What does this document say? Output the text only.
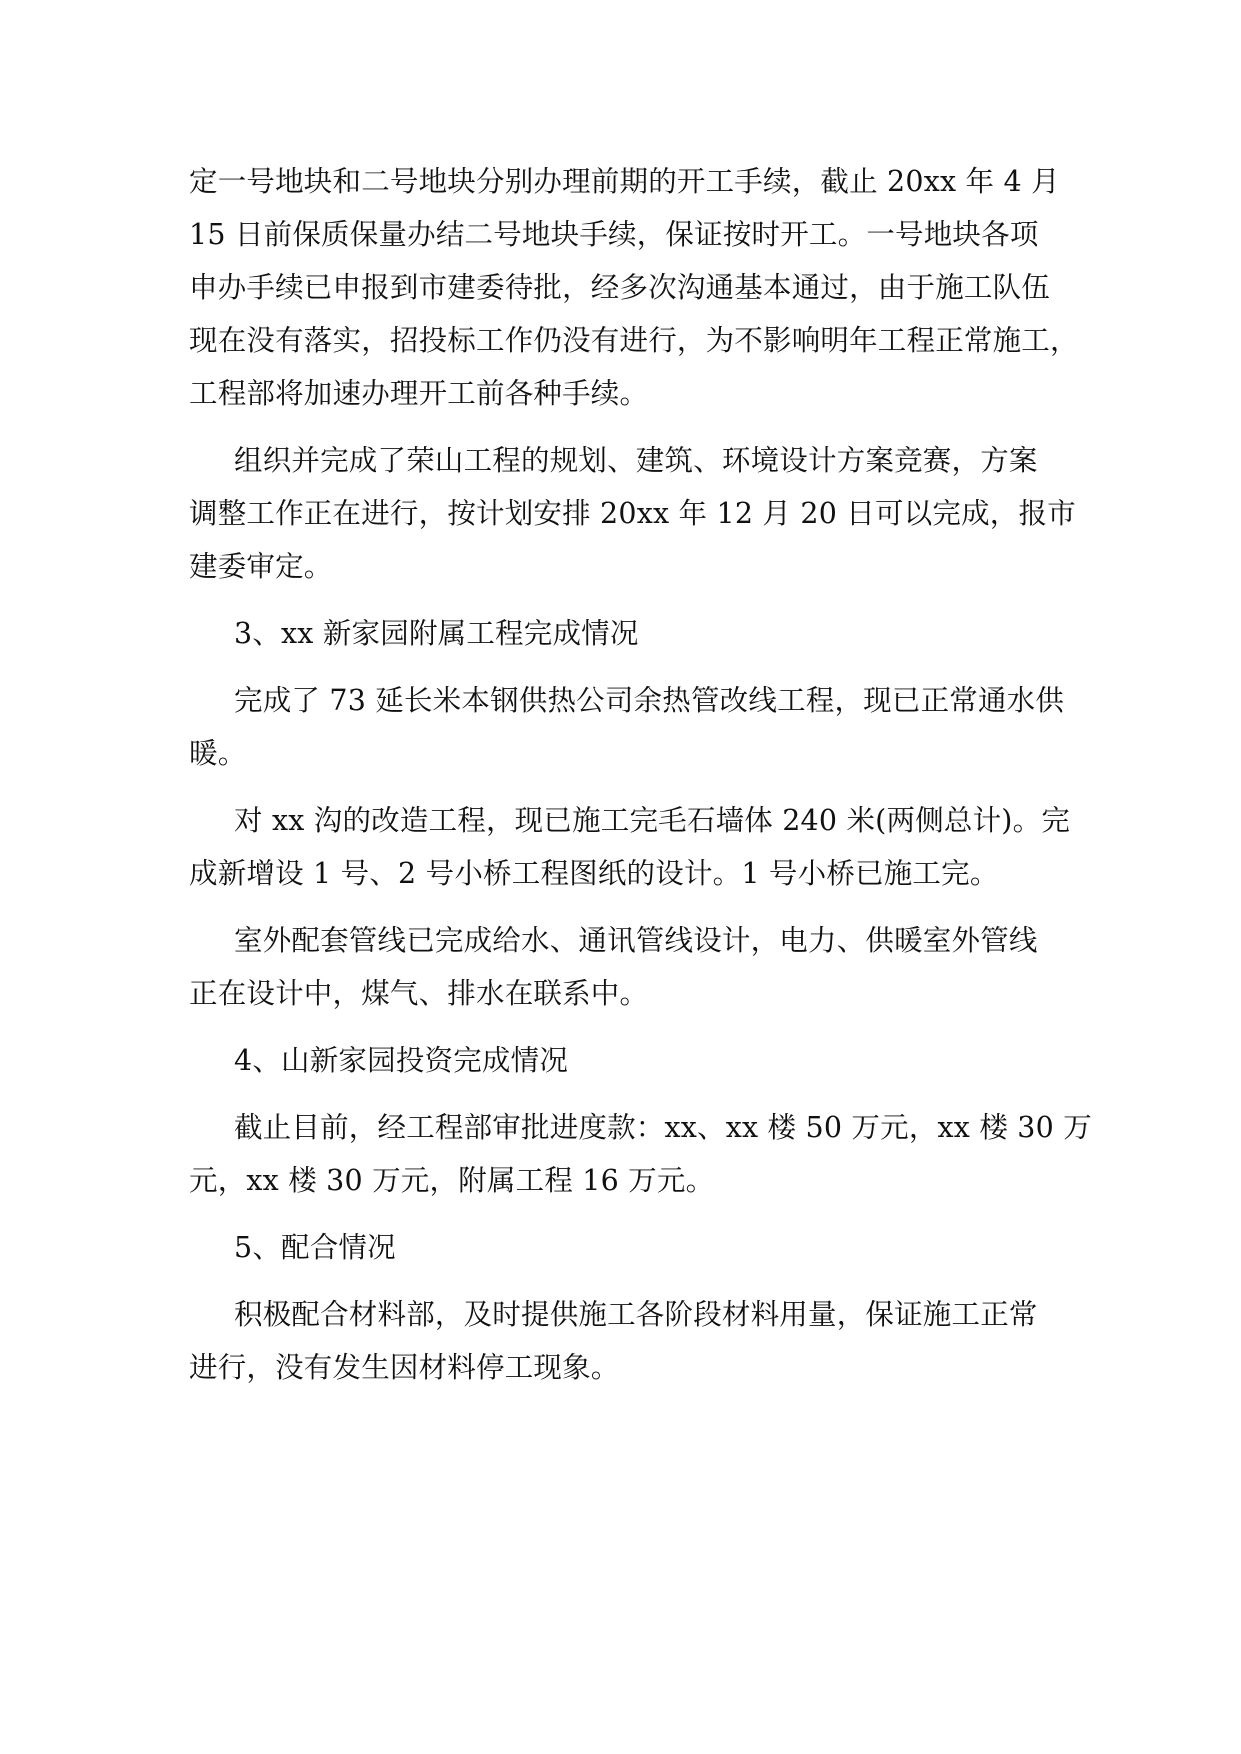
定一号地块和二号地块分别办理前期的开工手续，截止 20xx 年 4 月
15 日前保质保量办结二号地块手续，保证按时开工。一号地块各项
申办手续已申报到市建委待批，经多次沟通基本通过，由于施工队伍
现在没有落实，招投标工作仍没有进行，为不影响明年工程正常施工，
工程部将加速办理开工前各种手续。

组织并完成了荣山工程的规划、建筑、环境设计方案竞赛，方案
调整工作正在进行，按计划安排 20xx 年 12 月 20 日可以完成，报市
建委审定。

3、xx 新家园附属工程完成情况

完成了 73 延长米本钢供热公司余热管改线工程，现已正常通水供
暖。

对 xx 沟的改造工程，现已施工完毛石墙体 240 米(两侧总计)。完
成新增设 1 号、2 号小桥工程图纸的设计。1 号小桥已施工完。

室外配套管线已完成给水、通讯管线设计，电力、供暖室外管线
正在设计中，煤气、排水在联系中。

4、山新家园投资完成情况

截止目前，经工程部审批进度款：xx、xx 楼 50 万元，xx 楼 30 万
元，xx 楼 30 万元，附属工程 16 万元。

5、配合情况

积极配合材料部，及时提供施工各阶段材料用量，保证施工正常
进行，没有发生因材料停工现象。
